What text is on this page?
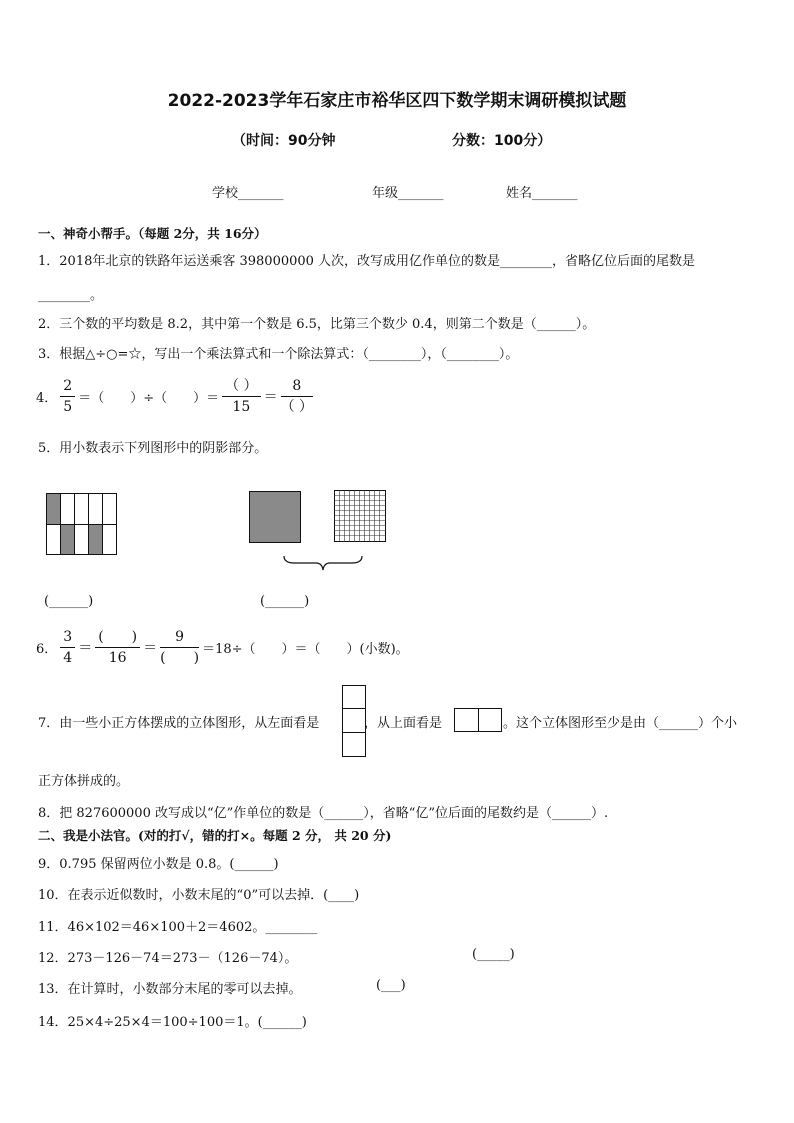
2022-2023学年石家庄市裕华区四下数学期末调研模拟试题
（时间：90分钟	分数：100分）
学校_______	年级_______	姓名_______
一、神奇小帮手。（每题 2分，共 16分）
1．2018年北京的铁路年运送乘客 398000000 人次，改写成用亿作单位的数是________，省略亿位后面的尾数是
________。
2．三个数的平均数是 8.2，其中第一个数是 6.5，比第三个数少 0.4，则第二个数是（______）。
3．根据△÷○=☆，写出一个乘法算式和一个除法算式：（________），（________）。
4． $\frac{2}{5}$ ＝（　　）÷（　　）＝ $\frac{( )}{15} = \frac{8}{( )}$
5．用小数表示下列图形中的阴影部分。
(______)	(______)
6． $\frac{3}{4} = \frac{( )}{16} = \frac{9}{( )} =18\div$（　　）＝（　　）(小数)。
7．由一些小正方体摆成的立体图形，从左面看是	，从上面看是	。这个立体图形至少是由（______）个小
正方体拼成的。
8．把 827600000 改写成以“亿”作单位的数是（______），省略“亿”位后面的尾数约是（______）.
二、我是小法官。(对的打√，错的打×。每题 2 分， 共 20 分)
9．0.795 保留两位小数是 0.8。(______)
10．在表示近似数时，小数末尾的“0”可以去掉．(____)
11．46×102＝46×100＋2＝4602。________
12．273－126－74＝273－（126－74）。	(_____)
13．在计算时，小数部分末尾的零可以去掉。	(___)
14．25×4÷25×4＝100÷100＝1。(______)
